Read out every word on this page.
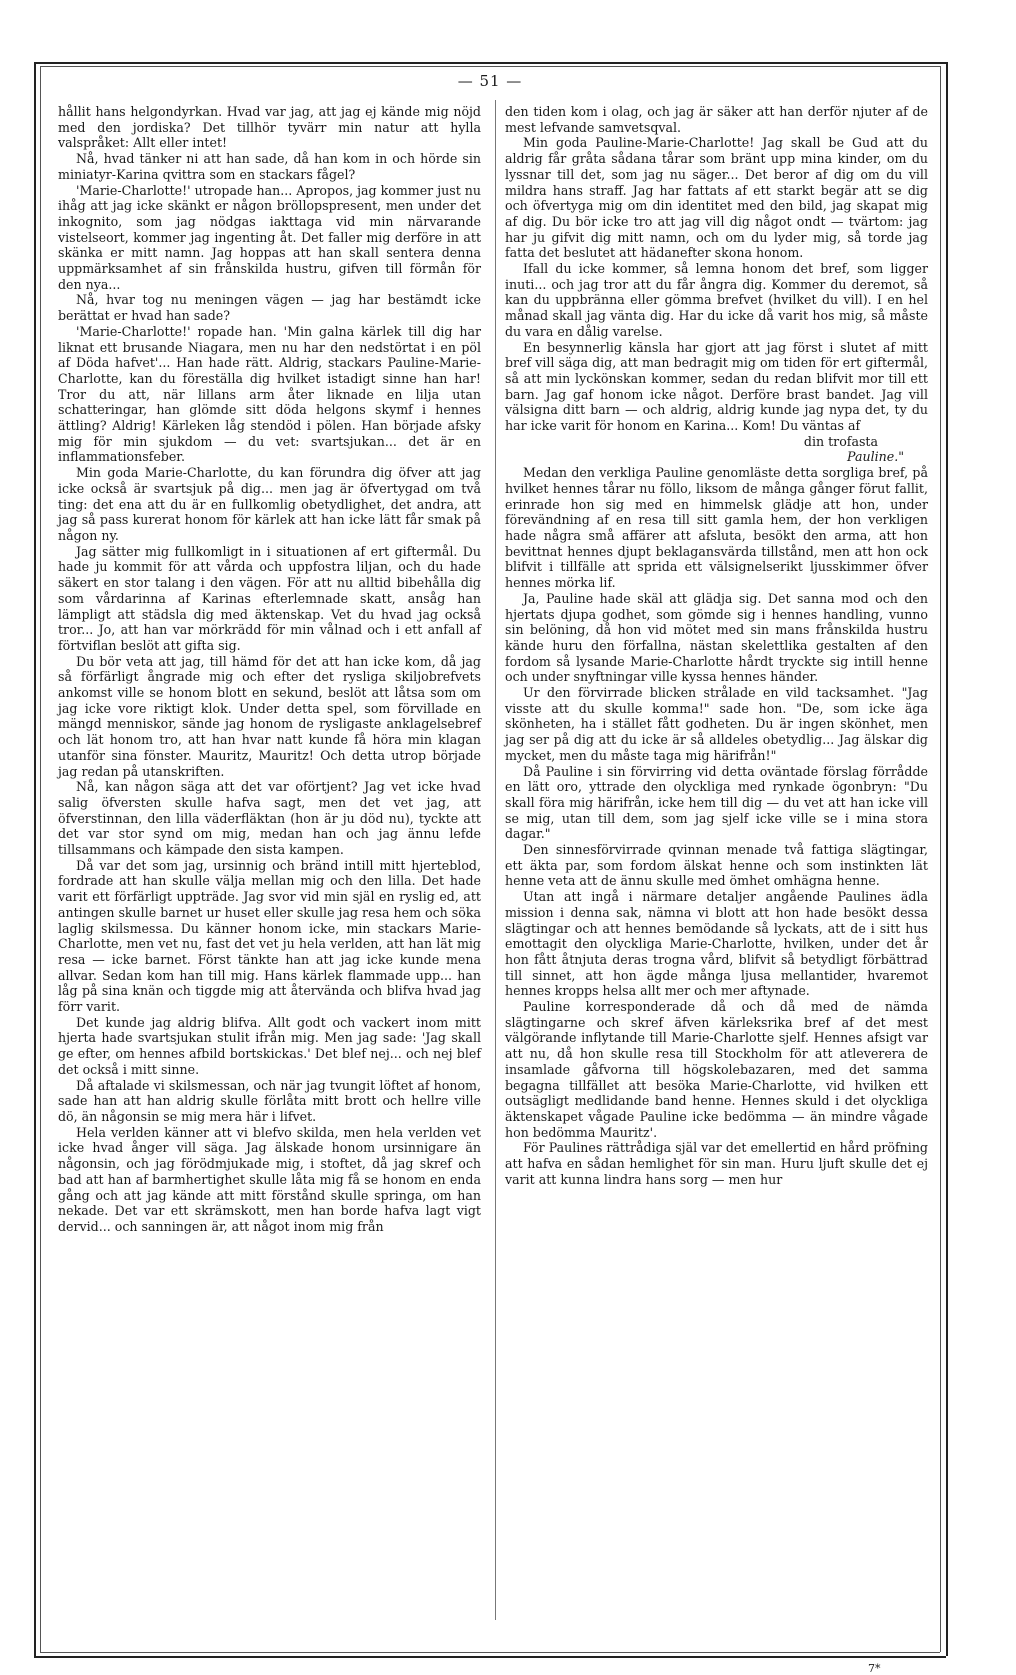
— 51 —

hållit hans helgondyrkan. Hvad var jag, att jag ej kände mig nöjd med den jordiska? Det tillhör tyvärr min natur att hylla valspråket: Allt eller intet!

Nå, hvad tänker ni att han sade, då han kom in och hörde sin miniatyr-Karina qvittra som en stackars fågel?

'Marie-Charlotte!' utropade han... Apropos, jag kommer just nu ihåg att jag icke skänkt er någon bröllopspresent, men under det inkognito, som jag nödgas iakttaga vid min närvarande vistelseort, kommer jag ingenting åt. Det faller mig derföre in att skänka er mitt namn. Jag hoppas att han skall sentera denna uppmärksamhet af sin frånskilda hustru, gifven till förmån för den nya...

Nå, hvar tog nu meningen vägen — jag har bestämdt icke berättat er hvad han sade?

'Marie-Charlotte!' ropade han. 'Min galna kärlek till dig har liknat ett brusande Niagara, men nu har den nedstörtat i en pöl af Döda hafvet'... Han hade rätt. Aldrig, stackars Pauline-Marie-Charlotte, kan du föreställa dig hvilket istadigt sinne han har! Tror du att, när lillans arm åter liknade en lilja utan schatteringar, han glömde sitt döda helgons skymf i hennes ättling? Aldrig! Kärleken låg stendöd i pölen. Han började afsky mig för min sjukdom — du vet: svartsjukan... det är en inflammationsfeber.

Min goda Marie-Charlotte, du kan förundra dig öfver att jag icke också är svartsjuk på dig... men jag är öfvertygad om två ting: det ena att du är en fullkomlig obetydlighet, det andra, att jag så pass kurerat honom för kärlek att han icke lätt får smak på någon ny.

Jag sätter mig fullkomligt in i situationen af ert giftermål. Du hade ju kommit för att vårda och uppfostra liljan, och du hade säkert en stor talang i den vägen. För att nu alltid bibehålla dig som vårdarinna af Karinas efterlemnade skatt, ansåg han lämpligt att städsla dig med äktenskap. Vet du hvad jag också tror... Jo, att han var mörkrädd för min vålnad och i ett anfall af förtviflan beslöt att gifta sig.

Du bör veta att jag, till hämd för det att han icke kom, då jag så förfärligt ångrade mig och efter det rysliga skiljobrefvets ankomst ville se honom blott en sekund, beslöt att låtsa som om jag icke vore riktigt klok. Under detta spel, som förvillade en mängd menniskor, sände jag honom de rysligaste anklagelsebref och lät honom tro, att han hvar natt kunde få höra min klagan utanför sina fönster. Mauritz, Mauritz! Och detta utrop började jag redan på utanskriften.

Nå, kan någon säga att det var oförtjent? Jag vet icke hvad salig öfversten skulle hafva sagt, men det vet jag, att öfverstinnan, den lilla väderfläktan (hon är ju död nu), tyckte att det var stor synd om mig, medan han och jag ännu lefde tillsammans och kämpade den sista kampen.

Då var det som jag, ursinnig och bränd intill mitt hjerteblod, fordrade att han skulle välja mellan mig och den lilla. Det hade varit ett förfärligt uppträde. Jag svor vid min själ en ryslig ed, att antingen skulle barnet ur huset eller skulle jag resa hem och söka laglig skilsmessa. Du känner honom icke, min stackars Marie-Charlotte, men vet nu, fast det vet ju hela verlden, att han lät mig resa — icke barnet. Först tänkte han att jag icke kunde mena allvar. Sedan kom han till mig. Hans kärlek flammade upp... han låg på sina knän och tiggde mig att återvända och blifva hvad jag förr varit.

Det kunde jag aldrig blifva. Allt godt och vackert inom mitt hjerta hade svartsjukan stulit ifrån mig. Men jag sade: 'Jag skall ge efter, om hennes afbild bortskickas.' Det blef nej... och nej blef det också i mitt sinne.

Då aftalade vi skilsmessan, och när jag tvungit löftet af honom, sade han att han aldrig skulle förlåta mitt brott och hellre ville dö, än någonsin se mig mera här i lifvet.

Hela verlden känner att vi blefvo skilda, men hela verlden vet icke hvad ånger vill säga. Jag älskade honom ursinnigare än någonsin, och jag förödmjukade mig, i stoftet, då jag skref och bad att han af barmhertighet skulle låta mig få se honom en enda gång och att jag kände att mitt förstånd skulle springa, om han nekade. Det var ett skrämskott, men han borde hafva lagt vigt dervid... och sanningen är, att något inom mig från

den tiden kom i olag, och jag är säker att han derför njuter af de mest lefvande samvetsqval.

Min goda Pauline-Marie-Charlotte! Jag skall be Gud att du aldrig får gråta sådana tårar som bränt upp mina kinder, om du lyssnar till det, som jag nu säger... Det beror af dig om du vill mildra hans straff. Jag har fattats af ett starkt begär att se dig och öfvertyga mig om din identitet med den bild, jag skapat mig af dig. Du bör icke tro att jag vill dig något ondt — tvärtom: jag har ju gifvit dig mitt namn, och om du lyder mig, så torde jag fatta det beslutet att hädanefter skona honom.

Ifall du icke kommer, så lemna honom det bref, som ligger inuti... och jag tror att du får ångra dig. Kommer du deremot, så kan du uppbränna eller gömma brefvet (hvilket du vill). I en hel månad skall jag vänta dig. Har du icke då varit hos mig, så måste du vara en dålig varelse.

En besynnerlig känsla har gjort att jag först i slutet af mitt bref vill säga dig, att man bedragit mig om tiden för ert giftermål, så att min lyckönskan kommer, sedan du redan blifvit mor till ett barn. Jag gaf honom icke något. Derföre brast bandet. Jag vill välsigna ditt barn — och aldrig, aldrig kunde jag nypa det, ty du har icke varit för honom en Karina... Kom! Du väntas af

din trofasta

Pauline."

Medan den verkliga Pauline genomläste detta sorgliga bref, på hvilket hennes tårar nu föllo, liksom de många gånger förut fallit, erinrade hon sig med en himmelsk glädje att hon, under förevändning af en resa till sitt gamla hem, der hon verkligen hade några små affärer att afsluta, besökt den arma, att hon bevittnat hennes djupt beklagansvärda tillstånd, men att hon ock blifvit i tillfälle att sprida ett välsignelserikt ljusskimmer öfver hennes mörka lif.

Ja, Pauline hade skäl att glädja sig. Det sanna mod och den hjertats djupa godhet, som gömde sig i hennes handling, vunno sin belöning, då hon vid mötet med sin mans frånskilda hustru kände huru den förfallna, nästan skelettlika gestalten af den fordom så lysande Marie-Charlotte hårdt tryckte sig intill henne och under snyftningar ville kyssa hennes händer.

Ur den förvirrade blicken strålade en vild tacksamhet. "Jag visste att du skulle komma!" sade hon. "De, som icke äga skönheten, ha i stället fått godheten. Du är ingen skönhet, men jag ser på dig att du icke är så alldeles obetydlig... Jag älskar dig mycket, men du måste taga mig härifrån!"

Då Pauline i sin förvirring vid detta oväntade förslag förrådde en lätt oro, yttrade den olyckliga med rynkade ögonbryn: "Du skall föra mig härifrån, icke hem till dig — du vet att han icke vill se mig, utan till dem, som jag sjelf icke ville se i mina stora dagar."

Den sinnesförvirrade qvinnan menade två fattiga slägtingar, ett äkta par, som fordom älskat henne och som instinkten lät henne veta att de ännu skulle med ömhet omhägna henne.

Utan att ingå i närmare detaljer angående Paulines ädla mission i denna sak, nämna vi blott att hon hade besökt dessa slägtingar och att hennes bemödande så lyckats, att de i sitt hus emottagit den olyckliga Marie-Charlotte, hvilken, under det år hon fått åtnjuta deras trogna vård, blifvit så betydligt förbättrad till sinnet, att hon ägde många ljusa mellantider, hvaremot hennes kropps helsa allt mer och mer aftynade.

Pauline korresponderade då och då med de nämda slägtingarne och skref äfven kärleksrika bref af det mest välgörande inflytande till Marie-Charlotte sjelf. Hennes afsigt var att nu, då hon skulle resa till Stockholm för att atleverera de insamlade gåfvorna till högskolebazaren, med det samma begagna tillfället att besöka Marie-Charlotte, vid hvilken ett outsägligt medlidande band henne. Hennes skuld i det olyckliga äktenskapet vågade Pauline icke bedömma — än mindre vågade hon bedömma Mauritz'.

För Paulines rättrådiga själ var det emellertid en hård pröfning att hafva en sådan hemlighet för sin man. Huru ljuft skulle det ej varit att kunna lindra hans sorg — men hur

7*
